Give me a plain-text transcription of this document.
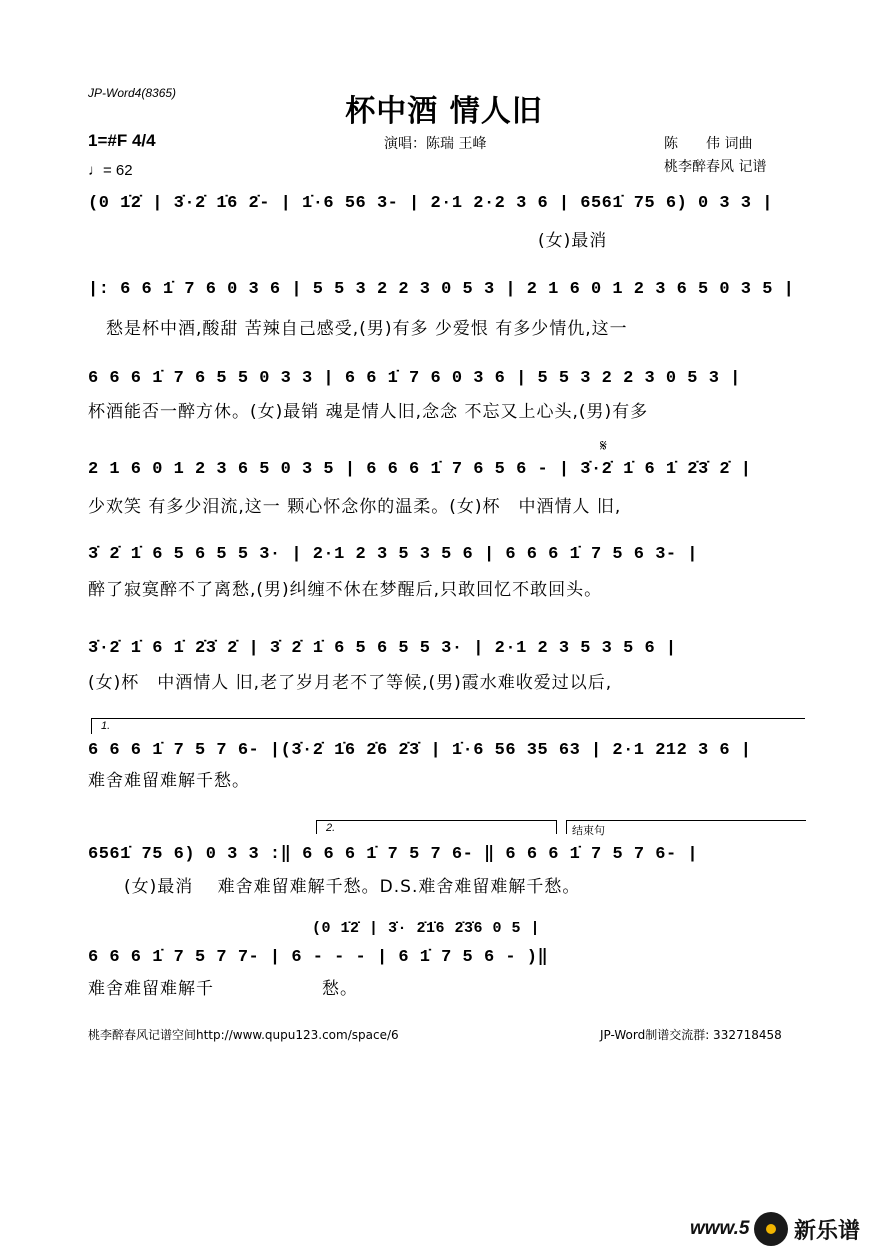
JP-Word4(8365)
杯中酒 情人旧
演唱：陈瑞 王峰	陈　　伟 词曲
桃李醉春风 记谱
1=#F 4/4
♩= 62
(0 1̇2̇ | 3̇·2̇ 1̇6 2̇- | 1̇·6 56 3- | 2·1 2·2 3 6 | 6561̇ 75 6) 0 3 3 |
　　　　　　　　　　　　　　　　　　　　　　　　　(女)最消
|: 6 6 1̇ 7 6 0 3 6 | 5 5 3 2 2 3 0 5 3 | 2 1 6 0 1 2 3 6 5 0 3 5 |
　愁是杯中酒,酸甜 苦辣自己感受,(男)有多 少爱恨 有多少情仇,这一
6 6 6 1̇ 7 6 5 5 0 3 3 | 6 6 1̇ 7 6 0 3 6 | 5 5 3 2 2 3 0 5 3 |
杯酒能否一醉方休。(女)最销 魂是情人旧,念念 不忘又上心头,(男)有多
𝄋
2 1 6 0 1 2 3 6 5 0 3 5 | 6 6 6 1̇ 7 6 5 6 - | 3̇·2̇ 1̇ 6 1̇ 2̇3̇ 2̇ |
少欢笑 有多少泪流,这一 颗心怀念你的温柔。(女)杯　中酒情人 旧,
3̇ 2̇ 1̇ 6 5 6 5 5 3· | 2·1 2 3 5 3 5 6 | 6 6 6 1̇ 7 5 6 3- |
醉了寂寞醉不了离愁,(男)纠缠不休在梦醒后,只敢回忆不敢回头。
3̇·2̇ 1̇ 6 1̇ 2̇3̇ 2̇ | 3̇ 2̇ 1̇ 6 5 6 5 5 3· | 2·1 2 3 5 3 5 6 |
(女)杯　中酒情人 旧,老了岁月老不了等候,(男)霞水难收爱过以后,
1.
6 6 6 1̇ 7 5 7 6- |(3̇·2̇ 1̇6 2̇6 2̇3̇ | 1̇·6 56 35 63 | 2·1 212 3 6 |
难舍难留难解千愁。
2.	结束句
6561̇ 75 6) 0 3 3 :‖ 6 6 6 1̇ 7 5 7 6- ‖ 6 6 6 1̇ 7 5 7 6- |
　　(女)最消　 难舍难留难解千愁。D.S.难舍难留难解千愁。
(0 1̇2̇ | 3̇· 2̇1̇6 2̇3̇6 0 5 |
6 6 6 1̇ 7 5 7 7- | 6 - - - | 6 1̇ 7 5 6 - )‖
难舍难留难解千　　　　　　愁。
桃李醉春风记谱空间http://www.qupu123.com/space/6	JP-Word制谱交流群: 332718458
www.5 新乐谱
